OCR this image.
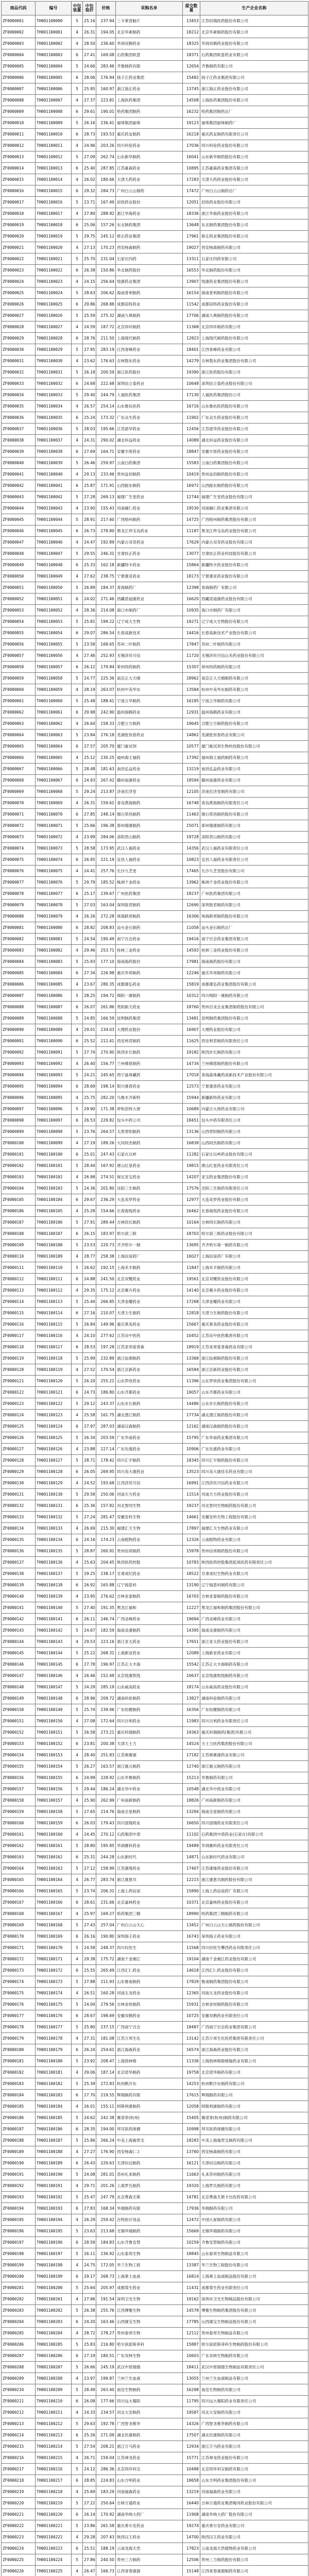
商品代码	编号	中包装量	中包装价	价格	采购名单	提交数量	生产企业名称
ZF0000001	TH001100000	5	25.16	237.94	三卡莱普脑片	13453	江苏恒瑞医药股份有限公司
ZF0000002	TH001100001	4	26.31	194.05	北京华素制药	18212	北京华素制药股份有限公司
ZF0000003	TH001100002	4	28.50	236.60	华润双鹤药业	18325	华润双鹤药业股份有限公司
ZF0000004	TH001100003	6	27.41	169.08	石药集团欧意	18371	石药集团欧意药业有限公司
ZF0000005	TH001100004	5	24.66	283.46	齐鲁制药有限	12654	齐鲁制药有限公司
ZF0000006	TH001100005	6	28.06	176.94	扬子江药业集团	15482	扬子江药业集团有限公司
ZF0000007	TH001100006	5	25.95	160.97	浙江海正药业	13745	浙江海正药业股份有限公司
ZF0000008	TH001100007	4	27.37	223.81	上海医药集团	14508	上海医药集团股份有限公司
ZF0000009	TH001100008	6	29.61	190.01	哈药集团制药	16232	哈药集团制药总厂
ZF0000010	TH001100009	5	26.16	236.41	丽珠集团丽珠	19123	丽珠集团丽珠制药厂
ZF0000011	TH001100010	6	28.73	193.53	重庆药友制药	16218	重庆药友制药有限责任公司
ZF0000012	TH001100011	4	24.96	203.26	四川科伦药业	17036	四川科伦药业股份有限公司
ZF0000013	TH001100012	5	27.09	262.74	山东新华制药	16041	山东新华制药股份有限公司
ZF0000014	TH001100013	6	25.40	287.85	江苏豪森药业	10895	江苏豪森药业集团有限公司
ZF0000015	TH001100014	4	26.02	180.66	天津天药药业	17283	天津天药药业股份有限公司
ZF0000016	TH001100015	6	29.32	284.73	广州白云山制药	17472	广州白云山制药总厂
ZF0000017	TH001100016	5	23.71	167.49	辰欣药业股份	12051	辰欣药业股份有限公司
ZF0000018	TH001100017	4	27.80	288.92	浙江华海药业	18336	浙江华海药业股份有限公司
ZF0000019	TH001100018	6	25.06	157.26	东北制药集团	13648	东北制药集团股份有限公司
ZF0000020	TH001100019	5	29.75	245.12	修正药业集团	17961	修正药业集团股份有限公司
ZF0000021	TH001100020	4	27.13	170.23	西安杨森制药	19027	西安杨森制药有限公司
ZF0000022	TH001100021	5	25.70	231.04	石家庄四药	13311	石家庄四药有限公司
ZF0000023	TH001100022	6	26.38	150.86	华北制药股份	16553	华北制药股份有限公司
ZF0000024	TH001100023	4	24.15	256.64	悦康药业集团	13907	悦康药业集团股份有限公司
ZF0000025	TH001100024	5	28.63	206.62	海南普利制药	16154	海南普利制药股份有限公司
ZF0000026	TH001100025	6	29.86	268.88	成都倍特药业	11542	成都倍特药业股份有限公司
ZF0000027	TH001100026	5	25.59	275.32	湖南九典制药	17706	湖南九典制药股份有限公司
ZF0000028	TH001100027	4	24.59	187.72	北京四环制药	11368	北京四环制药有限公司
ZF0000029	TH001100028	6	28.76	211.50	上海现代制药	12823	上海现代制药股份有限公司
ZF0000030	TH001100029	5	27.95	283.19	江西青峰药业	18401	江西青峰药业有限公司
ZF0000031	TH001100030	4	23.62	176.63	吉林敖东药业	14279	吉林敖东药业集团股份有限公司
ZF0000032	TH001100031	5	26.18	200.59	浙江医药股份	19390	浙江医药股份有限公司
ZF0000033	TH001100032	6	24.68	222.48	深圳信立泰药业	10648	深圳信立泰药业股份有限公司
ZF0000034	TH001100033	5	29.40	244.79	人福医药集团	17130	人福医药集团股份公司
ZF0000035	TH001100034	4	26.57	254.14	山东鲁抗医药	16716	山东鲁抗医药股份有限公司
ZF0000036	TH001100035	6	25.24	173.32	广东众生药业	11902	广东众生药业股份有限公司
ZF0000037	TH001100036	5	28.03	195.66	江苏恩华药业	12456	江苏恩华药业股份有限公司
ZF0000038	TH001100037	4	24.31	290.02	湖北科益药业	14089	湖北科益药业股份有限公司
ZF0000039	TH001100038	6	27.69	164.71	安徽丰原药业	18847	安徽丰原药业股份有限公司
ZF0000040	TH001100039	5	26.46	259.97	云南白药集团	15583	云南白药集团股份有限公司
ZF0000041	TH001100040	4	29.13	233.46	贵州益佰制药	10419	贵州益佰制药股份有限公司
ZF0000042	TH001100041	6	25.87	171.91	山西振东制药	16972	山西振东制药股份有限公司
ZF0000043	TH001100042	5	27.28	269.13	福建广生堂药业	12744	福建广生堂药业股份有限公司
ZF0000044	TH001100043	4	23.90	155.43	河南辅仁药业	19530	河南辅仁药业集团有限公司
ZF0000045	TH001100044	5	28.91	217.60	广西梧州制药	14725	广西梧州制药集团股份有限公司
ZF0000046	TH001100045	6	26.73	278.80	黑龙江珍宝岛药业	11187	黑龙江珍宝岛药业股份有限公司
ZF0000047	TH001100046	4	24.47	192.89	内蒙古双奇药业	17629	内蒙古双奇药业股份有限公司
ZF0000048	TH001100047	5	29.55	246.31	甘肃扶正药业	13077	甘肃扶正药业科技股份有限公司
ZF0000049	TH001100048	6	25.33	162.18	新疆特丰药业	15864	新疆特丰药业股份有限公司
ZF0000050	TH001100049	4	27.62	238.75	宁夏康亚药业	18173	宁夏康亚药业股份有限公司
ZF0000051	TH001100050	5	26.89	184.37	青海制药厂	12398	青海制药厂有限公司
ZF0000052	TH001100051	6	24.02	271.46	西藏诺迪康药业	16620	西藏诺迪康药业股份有限公司
ZF0000053	TH001100052	4	28.36	214.08	海口市制药厂	10935	海口市制药厂有限公司
ZF0000054	TH001100053	5	25.81	199.22	辽宁成大生物	19271	辽宁成大生物股份有限公司
ZF0000055	TH001100054	6	29.07	286.54	长春高新技术	14416	长春高新技术产业股份有限公司
ZF0000056	TH001100055	5	23.58	168.65	苏州二叶制药	17847	苏州二叶制药有限公司
ZF0000057	TH001100056	4	27.46	252.93	无锡济民可信	11720	无锡济民可信山禾药业股份有限公司
ZF0000058	TH001100057	6	26.12	179.84	常州四药制药	15307	常州四药制药有限公司
ZF0000059	TH001100058	5	24.77	225.36	南京正大天晴	18962	南京正大天晴制药有限公司
ZF0000060	TH001100059	4	28.19	263.07	杭州中美华东	13584	杭州中美华东制药有限公司
ZF0000061	TH001100060	5	25.48	188.41	宁波立华制药	16185	宁波立华制药有限公司
ZF0000062	TH001100061	6	29.98	242.90	温州海鹤药业	12931	温州海鹤药业有限公司
ZF0000063	TH001100062	4	26.64	158.33	合肥立方制药	19645	合肥立方制药股份有限公司
ZF0000064	TH001100063	5	23.84	276.18	芜湖张恒春药业	14862	芜湖张恒春药业有限公司
ZF0000065	TH001100064	6	27.57	205.70	厦门鲎试剂	10577	厦门鲎试剂生物科技股份有限公司
ZF0000066	TH001100065	4	25.12	230.25	福州海王福药	17392	福州海王福药制药有限公司
ZF0000067	TH001100066	5	28.48	181.63	南昌弘益药业	13219	南昌弘益药业有限公司
ZF0000068	TH001100067	6	24.93	267.42	赣州南康药业	18594	赣州南康药业有限公司
ZF0000069	TH001100068	5	29.24	213.87	济南宏济堂	12105	济南宏济堂制药有限公司
ZF0000070	TH001100069	4	26.31	159.61	青岛黄海制药	16748	青岛黄海制药有限责任公司
ZF0000071	TH001100070	6	27.85	248.14	烟台荣昌制药	11463	烟台荣昌制药股份有限公司
ZF0000072	TH001100071	5	25.66	196.38	郑州瑞康制药	15071	郑州瑞康制药有限公司
ZF0000073	TH001100072	4	23.99	284.06	洛阳君山制药	19728	洛阳君山制药有限公司
ZF0000074	TH001100073	5	28.58	173.95	武汉人福药业	14356	武汉人福药业有限责任公司
ZF0000075	TH001100074	6	26.95	221.19	宜昌人福药业	10823	宜昌人福药业有限责任公司
ZF0000076	TH001100075	4	24.41	257.76	长沙九芝堂	17465	长沙九芝堂股份有限公司
ZF0000077	TH001100076	5	29.79	185.52	株洲千金药业	13962	株洲千金药业股份有限公司
ZF0000078	TH001100077	6	25.17	239.67	广州医药集团	18237	广州医药集团有限公司
ZF0000079	TH001100078	5	27.03	163.04	深圳致君制药	12690	深圳致君制药有限公司
ZF0000080	TH001100079	4	26.26	272.28	珠海联邦制药	16306	珠海联邦制药股份有限公司
ZF0000081	TH001100080	6	28.82	208.83	汕头金石制药	11058	汕头金石制药总厂
ZF0000082	TH001100081	5	24.54	190.49	南宁百会药业	19416	南宁百会药业集团有限公司
ZF0000083	TH001100082	4	29.46	253.71	桂林三金药业	14593	桂林三金药业股份有限公司
ZF0000084	TH001100083	5	25.93	177.10	海南海药股份	17981	海南海药股份有限公司
ZF0000085	TH001100084	6	27.34	226.98	重庆华邦制药	12246	重庆华邦制药有限公司
ZF0000086	TH001100085	4	23.67	280.35	成都康弘药业	15819	成都康弘药业集团股份有限公司
ZF0000087	TH001100086	5	28.25	194.72	绵阳一康制药	10312	四川绵阳一康制药有限公司
ZF0000088	TH001100087	6	26.07	261.86	贵阳新天药业	18760	贵州百灵企业集团制药股份有限公司
ZF0000089	TH001100088	5	24.85	166.59	昆明制药集团	13481	昆明制药集团股份有限公司
ZF0000090	TH001100089	4	29.01	234.03	大理药业股份	16907	大理药业股份有限公司
ZF0000091	TH001100090	6	25.52	212.41	西安利君制药	11625	西安利君制药有限责任公司
ZF0000092	TH001100091	5	27.74	270.90	陕西步长制药	19182	陕西步长制药有限公司
ZF0000093	TH001100092	4	26.40	156.77	兰州佛慈制药	14734	兰州佛慈制药股份有限公司
ZF0000094	TH001100093	5	24.21	245.65	西宁晶珠藏药	17018	青海晶珠藏药高新技术产业股份有限公司
ZF0000095	TH001100094	6	28.69	198.14	银川康普药业	12573	宁夏康普药业有限公司
ZF0000096	TH001100095	4	25.75	282.20	乌鲁木齐新特	15944	新疆新特药业有限公司
ZF0000097	TH001100096	5	29.90	171.38	呼和浩特大唐	10689	内蒙古大唐药业有限公司
ZF0000098	TH001100097	6	26.53	229.82	包头中药公司	18451	包头中药有限责任公司
ZF0000099	TH001100098	5	23.76	264.57	太原晋阳制药	13136	山西晋阳制药有限公司
ZF0000100	TH001100099	4	27.19	189.26	大同同杰制药	16839	山西同杰制药有限公司
ZF0000101	TH001100100	6	25.01	247.43	石家庄以岭	11282	石家庄以岭药业股份有限公司
ZF0000102	TH001100101	5	28.44	167.92	唐山红星药业	19815	唐山红星药业有限责任公司
ZF0000103	TH001100102	4	26.98	274.51	保定亚宝药业	14207	亚宝药业集团股份有限公司
ZF0000104	TH001100103	5	24.36	201.80	沈阳三生制药	17576	沈阳三生制药有限责任公司
ZF0000105	TH001100104	6	29.67	236.29	大连美罗药业	12977	大连美罗药业股份有限公司
ZF0000106	TH001100105	4	25.28	154.66	长春海悦药业	16462	长春海悦药业股份有限公司
ZF0000107	TH001100106	5	27.91	289.44	吉林四长制药	10164	吉林四长制药有限公司
ZF0000108	TH001100107	6	26.15	183.97	哈尔滨三联	18703	哈尔滨三联药业股份有限公司
ZF0000109	TH001100108	5	23.53	220.73	齐齐哈尔一制	13695	齐齐哈尔第一制药有限公司
ZF0000110	TH001100109	4	28.77	258.38	上海信谊药厂	16027	上海信谊药厂有限公司
ZF0000111	TH001100110	5	26.62	192.15	上海禾丰制药	11847	上海禾丰制药有限公司
ZF0000112	TH001100111	6	24.88	241.50	北京双鹭药业	19561	北京双鹭药业股份有限公司
ZF0000113	TH001100112	4	29.35	175.12	北京赛升药业	14140	北京赛升药业股份有限公司
ZF0000114	TH001100113	5	25.44	266.85	天津金耀药业	17268	天津金耀药业有限公司
ZF0000115	TH001100114	6	27.16	210.07	天津力生制药	12818	天津力生制药股份有限公司
ZF0000116	TH001100115	5	26.84	149.96	重庆莱美药业	15667	重庆莱美药业股份有限公司
ZF0000117	TH001100116	4	24.10	277.62	江苏吴中医药	10452	江苏吴中医药集团有限公司
ZF0000118	TH001100117	6	28.53	197.28	江苏亚邦爱普森	18919	江苏亚邦爱普森药业有限公司
ZF0000119	TH001100118	5	25.99	232.89	浙江仙琚制药	13368	浙江仙琚制药股份有限公司
ZF0000120	TH001100119	4	27.52	170.54	浙江京新药业	16584	浙江京新药业股份有限公司
ZF0000121	TH001100120	5	26.20	255.21	山东罗欣药业	11396	山东罗欣药业集团股份有限公司
ZF0000122	TH001100121	6	24.73	186.80	山东齐都药业	19057	山东齐都药业有限公司
ZF0000123	TH001100122	5	29.12	243.37	山东步长制药	14486	山东步长制药股份有限公司
ZF0000124	TH001100123	4	25.58	161.75	湖北潜江制药	17734	湖北潜江制药股份有限公司
ZF0000125	TH001100124	6	27.97	287.03	湖南汉森制药	12162	湖南汉森制药股份有限公司
ZF0000126	TH001100125	5	26.34	203.59	广东华南药业	15795	广东华南药业集团有限公司
ZF0000127	TH001100126	4	23.88	227.14	广东先强药业	10906	广东先强药业有限公司
ZF0000128	TH001100127	5	28.71	178.42	四川汇宇制药	18345	四川汇宇制药股份有限公司
ZF0000129	TH001100128	6	26.05	269.95	四川美大康药业	13523	四川美大康佳乐药业有限公司
ZF0000130	TH001100129	4	24.52	193.68	江西济民可信	16991	江西济民可信药业有限公司
ZF0000131	TH001100130	5	29.58	250.06	河南天方药业	11514	河南天方药业股份有限公司
ZF0000132	TH001100131	6	25.36	157.82	河北智同生物	19237	河北智同生物制药股份有限公司
ZF0000133	TH001100132	5	27.24	281.47	安徽安科生物	14661	安徽安科生物工程股份有限公司
ZF0000134	TH001100133	4	26.69	215.30	福建汇天生物	17897	福建汇天生物药业有限公司
ZF0000135	TH001100134	6	24.16	174.23	云南植物药业	12326	云南植物药业有限公司
ZF0000136	TH001100135	5	28.87	260.91	贵州信邦制药	15978	贵州信邦制药股份有限公司
ZF0000137	TH001100136	4	25.63	204.45	陕西医药控股	10783	陕西医药控股集团派昂医药有限责任公司
ZF0000138	TH001100137	5	29.25	238.17	甘肃成纪药业	18522	甘肃成纪生物药业有限公司
ZF0000139	TH001100138	6	26.92	165.88	辽宁海思科	13190	辽宁海思科制药有限公司
ZF0000140	TH001100139	4	23.95	276.62	吉林亚泰制药	16703	吉林亚泰制药股份有限公司
ZF0000141	TH001100140	5	27.40	191.35	黑龙江福和	11227	黑龙江福和制药集团股份有限公司
ZF0000142	TH001100141	6	26.11	246.74	广西灵峰药业	19694	广西灵峰药业有限公司
ZF0000143	TH001100142	5	24.67	182.59	海南灵康制药	14395	海南灵康制药有限公司
ZF0000144	TH001100143	4	29.53	223.16	浙江亚太药业	17651	浙江亚太药业股份有限公司
ZF0000145	TH001100144	5	25.22	268.31	上海新亚药业	12089	上海新亚药业有限公司
ZF0000146	TH001100145	6	27.78	196.97	江苏正大丰海	15542	江苏正大丰海制药有限公司
ZF0000147	TH001100146	4	26.46	152.48	北京悦康凯悦	10637	北京悦康凯悦制药有限公司
ZF0000148	TH001100147	5	24.29	285.19	山东威高药业	18174	山东威高药业股份有限公司
ZF0000149	TH001100148	6	28.96	209.72	湖南科伦制药	13827	湖南科伦制药有限公司
ZF0000150	TH001100149	5	25.74	239.06	广东恒健制药	16356	广东恒健制药有限公司
ZF0000151	TH001100150	4	27.08	172.64	四川百利药业	11983	四川百利药业有限责任公司
ZF0000152	TH001100151	5	26.58	273.21	重庆科瑞制药	19363	重庆科瑞制药(集团)有限公司
ZF0000153	TH001100152	6	23.81	200.38	天津天士力	14524	天士力医药集团股份有限公司
ZF0000154	TH001100153	4	28.40	251.83	江苏奥赛康	17182	江苏奥赛康药业有限公司
ZF0000155	TH001100154	5	26.27	163.57	浙江震元制药	12740	浙江震元制药有限公司
ZF0000156	TH001100155	6	24.99	228.92	山东华鲁制药	15213	华鲁制药有限公司
ZF0000157	TH001100156	5	29.44	186.24	湖北华中药业	10548	湖北华中药业有限公司
ZF0000158	TH001100157	4	25.90	262.99	广州南新制药	18826	广州南新制药有限公司
ZF0000159	TH001100158	5	27.65	214.76	海南全星制药	13294	海南全星制药有限公司
ZF0000160	TH001100159	6	26.03	179.43	四川国瑞药业	16650	四川国瑞药业有限责任公司
ZF0000161	TH001100160	4	24.45	270.12	石药集团中诺	11102	石药集团中诺药业(石家庄)有限公司
ZF0000162	TH001100161	5	28.80	195.85	华润赛科药业	19489	华润赛科药业有限责任公司
ZF0000163	TH001100162	6	25.31	244.28	山东新时代	14871	山东新时代药业有限公司
ZF0000164	TH001100163	5	27.12	158.99	江苏康缘药业	17407	江苏康缘药业股份有限公司
ZF0000165	TH001100164	4	26.77	283.74	浙江康恩贝	12215	浙江康恩贝制药股份有限公司
ZF0000166	TH001100165	5	23.74	206.31	上海上药信谊	15890	上海上药信谊药厂有限公司
ZF0000167	TH001100166	6	28.61	231.66	北京嘉林药业	10371	北京嘉林药业股份有限公司
ZF0000168	TH001100167	4	25.97	169.27	哈药集团三精	18990	哈药集团三精制药有限公司
ZF0000169	TH001100168	5	27.43	257.04	广州白云山天心	13452	广州白云山天心制药股份有限公司
ZF0000170	TH001100169	6	26.16	190.80	深圳海王药业	16743	深圳海王药业有限公司
ZF0000171	TH001100170	5	24.58	248.37	四川好医生	11568	四川好医生攀西药业有限责任公司
ZF0000172	TH001100171	4	29.38	175.72	湖南千金湘江	19104	湖南千金湘江药业股份有限公司
ZF0000173	TH001100172	6	25.55	265.49	江西汇仁药业	14618	江西汇仁药业股份有限公司
ZF0000174	TH001100173	5	27.88	211.93	山东鲁南制药	17829	鲁南制药集团股份有限公司
ZF0000175	TH001100174	4	26.51	160.28	河南太龙药业	12365	河南太龙药业股份有限公司
ZF0000176	TH001100175	5	24.04	279.56	吉林金恒制药	15931	吉林金恒制药股份有限公司
ZF0000177	TH001100176	6	28.67	198.69	安徽双鹤药业	10725	安徽双鹤药业有限责任公司
ZF0000178	TH001100177	5	25.80	237.15	广西南宁百会	18487	广西南宁百会药业集团有限公司
ZF0000179	TH001100178	4	27.31	181.08	江苏万邦生化	13142	江苏万邦生化医药集团有限责任公司
ZF0000180	TH001100179	6	26.24	254.61	浙江海森药业	16574	浙江海森药业股份有限公司
ZF0000181	TH001100180	5	23.92	208.47	上海勃林格	11336	上海勃林格殷格翰药业有限公司
ZF0000182	TH001100181	4	29.06	187.14	北京诺华制药	19758	北京诺华制药有限公司
ZF0000183	TH001100182	5	25.39	272.83	杭州默沙东	14253	杭州默沙东制药有限公司
ZF0000184	TH001100183	6	27.70	219.55	辉瑞制药有限	17615	辉瑞制药有限公司
ZF0000185	TH001100184	4	26.01	155.11	阿斯利康制药	12058	阿斯利康制药有限公司
ZF0000186	TH001100185	5	24.62	242.38	赛诺菲(杭州)	15405	赛诺菲(杭州)制药有限公司
ZF0000187	TH001100186	6	28.35	194.00	拜耳医药保健	10998	拜耳医药保健有限公司
ZF0000188	TH001100187	5	25.86	266.24	中美上海施贵宝	18283	中美上海施贵宝制药有限公司
ZF0000189	TH001100188	4	27.27	176.90	西安杨森(二)	13760	西安杨森制药有限公司
ZF0000190	TH001100189	6	26.43	229.63	天津田边制药	16121	天津田边制药有限公司
ZF0000191	TH001100190	5	24.08	281.01	苏州礼来制药	11663	礼来苏州制药有限公司
ZF0000192	TH001100191	4	29.71	201.26	上海罗氏制药	19320	上海罗氏制药有限公司
ZF0000193	TH001100192	5	25.47	247.79	北京费森尤斯	14781	北京费森尤斯卡比医药有限公司
ZF0000194	TH001100193	6	27.83	168.34	华瑞制药有限	17936	华瑞制药有限公司
ZF0000195	TH001100194	4	26.29	259.42	百特医疗用品	12472	中国大冢制药有限公司
ZF0000196	TH001100195	5	23.63	213.68	无锡华瑞制药	15669	无锡华瑞制药有限公司
ZF0000197	TH001100196	6	28.59	184.83	山东齐鲁安替	10259	齐鲁安替制药有限公司
ZF0000198	TH001100197	5	26.11	236.92	山东泰邦生物	18845	山东泰邦生物制品有限公司
ZF0000199	TH001100198	4	24.75	172.05	华兰生物工程	13387	华兰生物工程股份有限公司
ZF0000200	TH001100199	6	29.17	268.73	上海莱士血液	16814	上海莱士血液制品股份有限公司
ZF0000201	TH001100200	5	25.64	205.97	成都蓉生药业	11431	成都蓉生药业有限责任公司
ZF0000202	TH001100201	4	27.96	191.54	深圳卫光生物	19162	深圳市卫光生物制品股份有限公司
ZF0000203	TH001100202	5	26.38	255.76	江西博雅生物	14578	博雅生物制药集团股份有限公司
ZF0000204	TH001100203	6	24.20	163.46	山西康宝生物	17785	山西康宝生物制品股份有限公司
ZF0000205	TH001100204	4	28.72	278.27	贵州泰邦生物	12112	贵州泰邦生物制品有限公司
ZF0000206	TH001100205	5	25.83	216.80	哈尔滨派斯菲科	15887	哈尔滨派斯菲科生物制药股份有限公司
ZF0000207	TH001100206	6	27.19	180.51	广东双林生物	10603	广东双林生物制药有限公司
ZF0000208	TH001100207	5	26.66	245.19	武汉中原瑞德	18411	武汉中原瑞德生物制品有限责任公司
ZF0000209	TH001100208	4	23.97	199.87	兰州兰生血液	13055	兰州兰生血液制品有限公司
ZF0000210	TH001100209	5	28.49	263.40	南岳生物制药	16298	南岳生物制药有限公司
ZF0000211	TH001100210	6	26.08	177.66	四川远大蜀阳	11795	四川远大蜀阳药业有限责任公司
ZF0000212	TH001100211	4	24.33	234.57	河北大安制药	19587	河北大安制药有限公司
ZF0000213	TH001100212	5	29.63	192.78	广西智圣维华	14326	广西智圣维华制药有限公司
ZF0000214	TH001100213	6	25.26	271.09	湖北民康制药	17507	湖北民康制药有限公司
ZF0000215	TH001100214	5	27.54	208.21	浙江万马药业	12934	浙江万马药业有限公司
ZF0000216	TH001100215	4	26.71	159.04	江苏神龙药业	15771	江苏神龙药业股份有限公司
ZF0000217	TH001100216	5	24.12	286.36	北京四环科宝	10488	北京四环科宝制药有限公司
ZF0000218	TH001100217	6	28.85	224.83	山东方明药业	18658	山东方明药业集团股份有限公司
ZF0000219	TH001100218	4	25.69	183.29	河南福森药业	13219	河南福森药业有限公司
ZF0000220	TH001100219	5	27.22	250.64	吉林万通药业	16440	吉林万通药业集团梅河药业股份有限公司
ZF0000221	TH001100220	6	26.14	170.92	湖南华纳大药厂	11908	湖南华纳大药厂股份有限公司
ZF0000222	TH001100221	5	23.86	261.58	重庆希尔安药业	19274	重庆希尔安药业有限公司
ZF0000223	TH001100222	4	29.28	207.43	陕西汉王药业	14700	陕西汉王药业有限公司
ZF0000224	TH001100223	6	25.51	188.19	云南龙海天然	17823	云南龙海天然植物药业有限公司
ZF0000225	TH001100224	5	27.86	240.50	贵州三力制药	12506	贵州三力制药股份有限公司
ZF0000226	TH001100225	4	26.47	166.73	江西青春康源	15148	江西青春康源制药有限公司
